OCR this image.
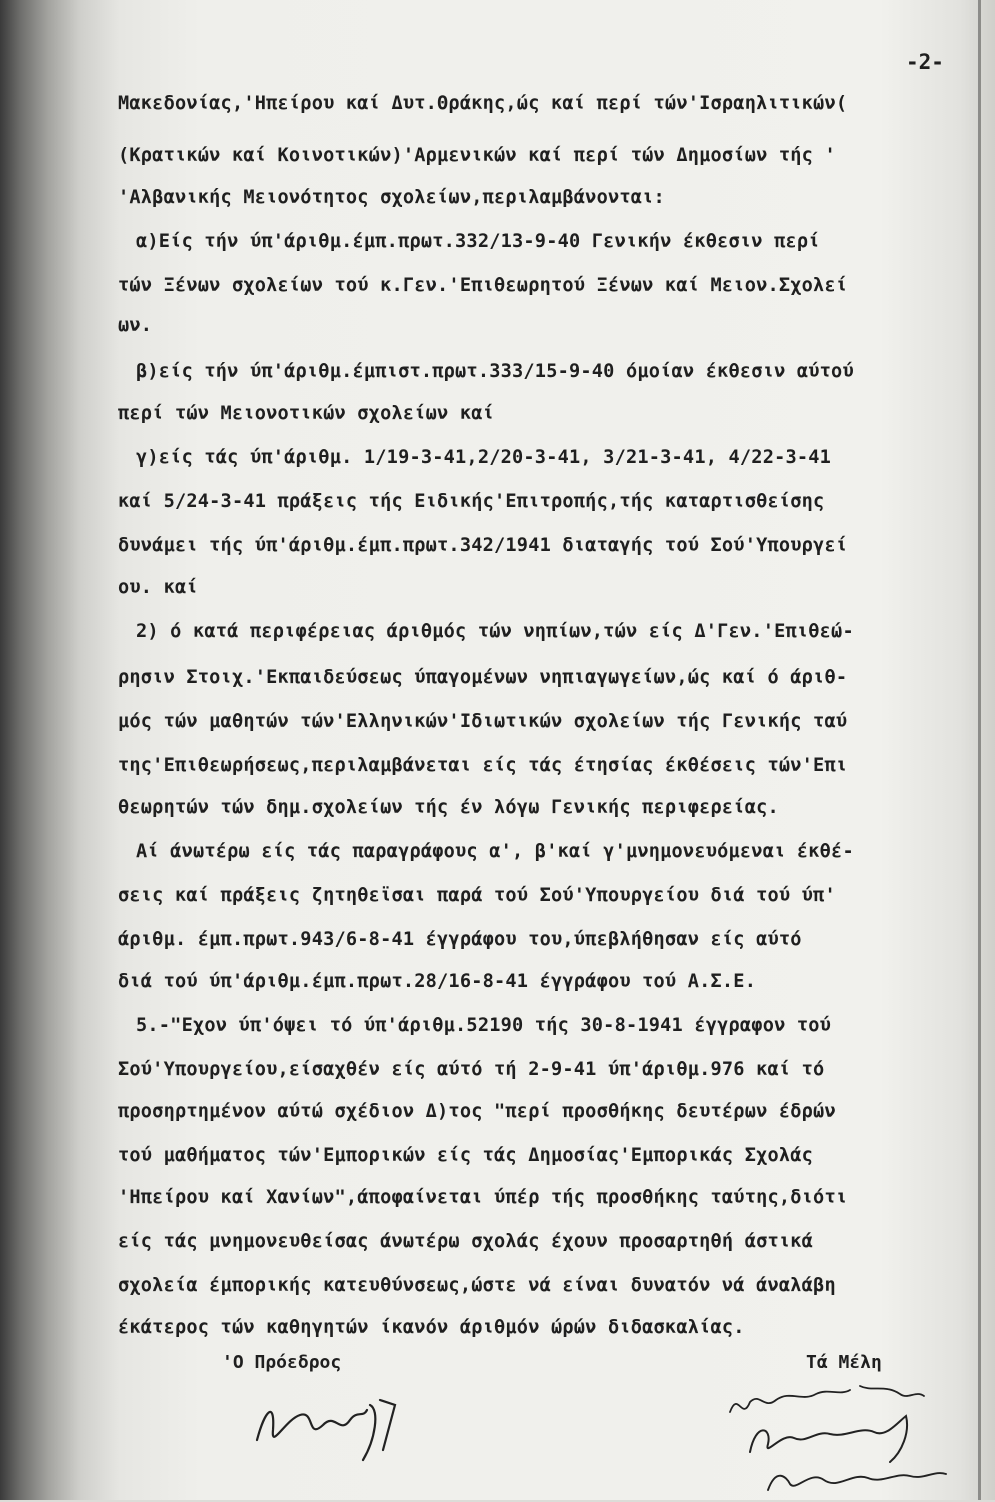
-2-
Μακεδονίας,'Ηπείρου καί Δυτ.Θράκης,ώς καί περί τών'Ισραηλιτικών(
(Κρατικών καί Κοινοτικών)'Αρμενικών καί περί τών Δημοσίων τής '
'Αλβανικής Μειονότητος σχολείων,περιλαμβάνονται:
α)Είς τήν ύπ'άριθμ.έμπ.πρωτ.332/13-9-40 Γενικήν έκθεσιν περί
τών Ξένων σχολείων τού κ.Γεν.'Επιθεωρητού Ξένων καί Μειον.Σχολεί
ων.
β)είς τήν ύπ'άριθμ.έμπιστ.πρωτ.333/15-9-40 όμοίαν έκθεσιν αύτού
περί τών Μειονοτικών σχολείων καί
γ)είς τάς ύπ'άριθμ. 1/19-3-41,2/20-3-41, 3/21-3-41, 4/22-3-41
καί 5/24-3-41 πράξεις τής Ειδικής'Επιτροπής,τής καταρτισθείσης
δυνάμει τής ύπ'άριθμ.έμπ.πρωτ.342/1941 διαταγής τού Σού'Υπουργεί
ου. καί
2) ό κατά περιφέρειας άριθμός τών νηπίων,τών είς Δ'Γεν.'Επιθεώ-
ρησιν Στοιχ.'Εκπαιδεύσεως ύπαγομένων νηπιαγωγείων,ώς καί ό άριθ-
μός τών μαθητών τών'Ελληνικών'Ιδιωτικών σχολείων τής Γενικής ταύ
της'Επιθεωρήσεως,περιλαμβάνεται είς τάς έτησίας έκθέσεις τών'Επι
θεωρητών τών δημ.σχολείων τής έν λόγω Γενικής περιφερείας.
Αί άνωτέρω είς τάς παραγράφους α', β'καί γ'μνημονευόμεναι έκθέ-
σεις καί πράξεις ζητηθεϊσαι παρά τού Σού'Υπουργείου διά τού ύπ'
άριθμ. έμπ.πρωτ.943/6-8-41 έγγράφου του,ύπεβλήθησαν είς αύτό
διά τού ύπ'άριθμ.έμπ.πρωτ.28/16-8-41 έγγράφου τού Α.Σ.Ε.
5.-"Εχον ύπ'όψει τό ύπ'άριθμ.52190 τής 30-8-1941 έγγραφον τού
Σού'Υπουργείου,είσαχθέν είς αύτό τή 2-9-41 ύπ'άριθμ.976 καί τό
προσηρτημένον αύτώ σχέδιον Δ)τος "περί προσθήκης δευτέρων έδρών
τού μαθήματος τών'Εμπορικών είς τάς Δημοσίας'Εμπορικάς Σχολάς
'Ηπείρου καί Χανίων",άποφαίνεται ύπέρ τής προσθήκης ταύτης,διότι
είς τάς μνημονευθείσας άνωτέρω σχολάς έχουν προσαρτηθή άστικά
σχολεία έμπορικής κατευθύνσεως,ώστε νά είναι δυνατόν νά άναλάβη
έκάτερος τών καθηγητών ίκανόν άριθμόν ώρών διδασκαλίας.
'Ο Πρόεδρος	Τά Μέλη
